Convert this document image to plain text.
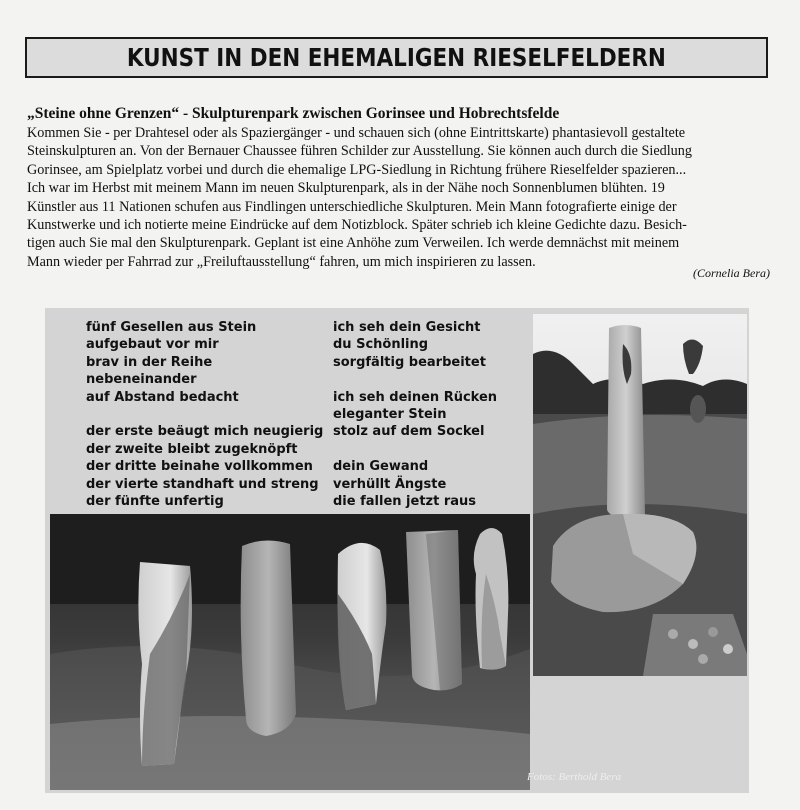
KUNST IN DEN EHEMALIGEN RIESELFELDERN
„Steine ohne Grenzen“ - Skulpturenpark zwischen Gorinsee und Hobrechtsfelde
Kommen Sie - per Drahtesel oder als Spaziergänger - und schauen sich (ohne Eintrittskarte) phantasievoll gestaltete
Steinskulpturen an. Von der Bernauer Chaussee führen Schilder zur Ausstellung. Sie können auch durch die Siedlung
Gorinsee, am Spielplatz vorbei und durch die ehemalige LPG-Siedlung in Richtung frühere Rieselfelder spazieren...
Ich war im Herbst mit meinem Mann im neuen Skulpturenpark, als in der Nähe noch Sonnenblumen blühten. 19
Künstler aus 11 Nationen schufen aus Findlingen unterschiedliche Skulpturen. Mein Mann fotografierte einige der
Kunstwerke und ich notierte meine Eindrücke auf dem Notizblock. Später schrieb ich kleine Gedichte dazu. Besich-
tigen auch Sie mal den Skulpturenpark. Geplant ist eine Anhöhe zum Verweilen. Ich werde demnächst mit meinem
Mann wieder per Fahrrad zur „Freiluftausstellung“ fahren, um mich inspirieren zu lassen.
(Cornelia Bera)
fünf Gesellen aus Stein
aufgebaut vor mir
brav in der Reihe
nebeneinander
auf Abstand bedacht
der erste beäugt mich neugierig
der zweite bleibt zugeknöpft
der dritte beinahe vollkommen
der vierte standhaft und streng
der fünfte unfertig
ich seh dein Gesicht
du Schönling
sorgfältig bearbeitet
ich seh deinen Rücken
eleganter Stein
stolz auf dem Sockel
dein Gewand
verhüllt Ängste
die fallen jetzt raus
Fotos: Berthold Bera
